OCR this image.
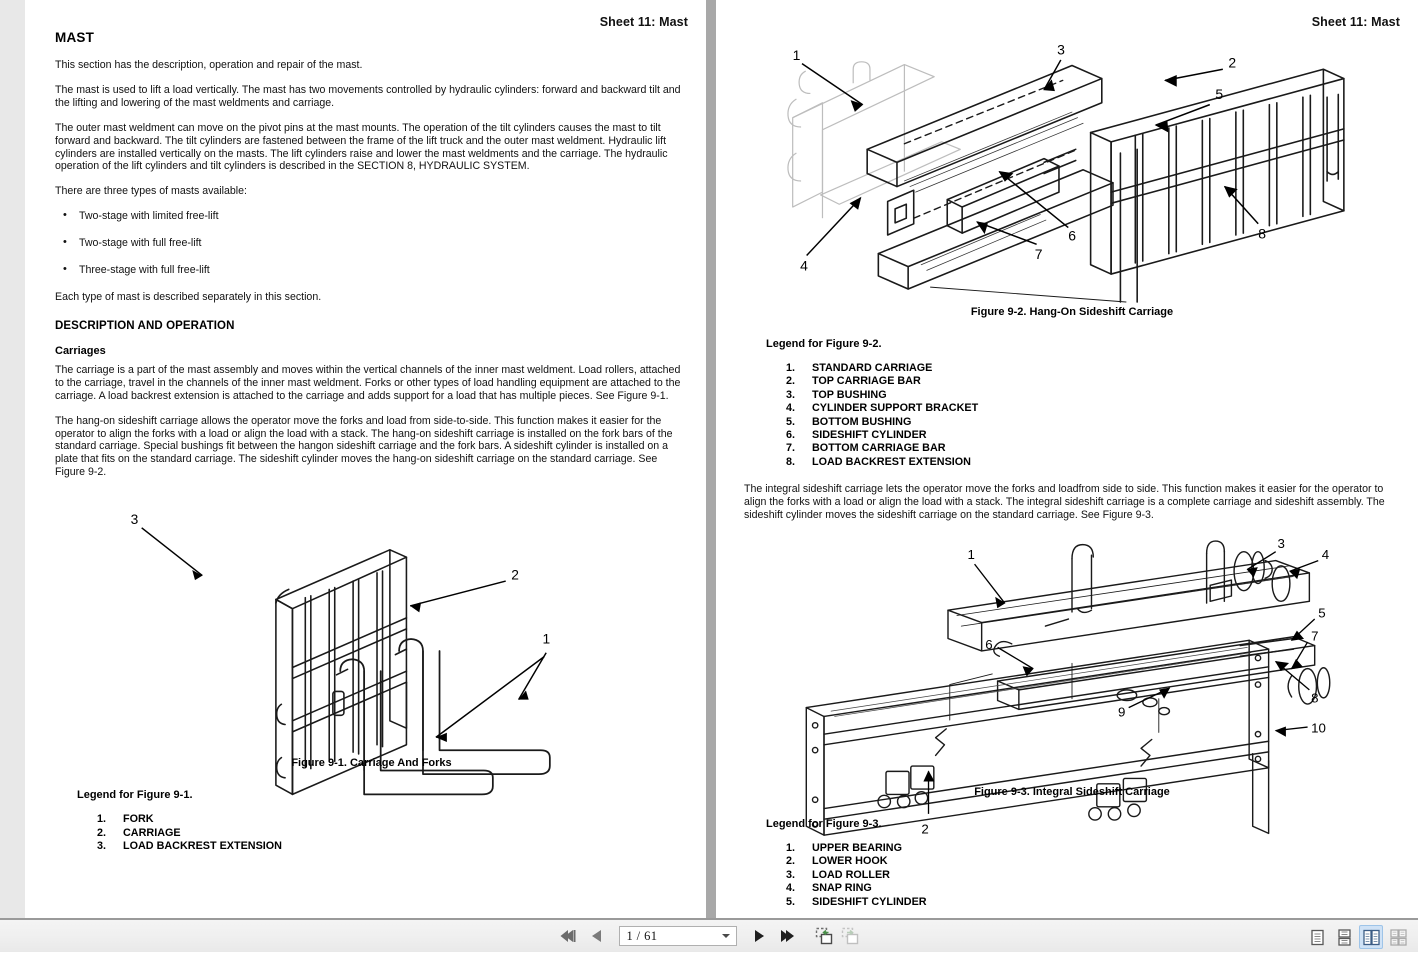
Sheet 11: Mast
MAST

This section has the description, operation and repair of the mast.

The mast is used to lift a load vertically. The mast has two movements controlled by hydraulic cylinders: forward and backward tilt and the lifting and lowering of the mast weldments and carriage.

The outer mast weldment can move on the pivot pins at the mast mounts. The operation of the tilt cylinders causes the mast to tilt forward and backward. The tilt cylinders are fastened between the frame of the lift truck and the outer mast weldment. Hydraulic lift cylinders are installed vertically on the masts. The lift cylinders raise and lower the mast weldments and the carriage. The hydraulic operation of the lift cylinders and tilt cylinders is described in the SECTION 8, HYDRAULIC SYSTEM.

There are three types of masts available:

• Two-stage with limited free-lift
• Two-stage with full free-lift
• Three-stage with full free-lift

Each type of mast is described separately in this section.

DESCRIPTION AND OPERATION
Carriages

The carriage is a part of the mast assembly and moves within the vertical channels of the inner mast weldment. Load rollers, attached to the carriage, travel in the channels of the inner mast weldment. Forks or other types of load handling equipment are attached to the carriage. A load backrest extension is attached to the carriage and adds support for a load that has multiple pieces. See Figure 9-1.

The hang-on sideshift carriage allows the operator move the forks and load from side-to-side. This function makes it easier for the operator to align the forks with a load or align the load with a stack. The hang-on sideshift carriage is installed on the fork bars of the standard carriage. Special bushings fit between the hangon sideshift carriage and the fork bars. A sideshift cylinder is installed on a plate that fits on the standard carriage. The sideshift cylinder moves the hang-on sideshift carriage on the standard carriage. See Figure 9-2.

3
2
1
Figure 9-1. Carriage And Forks
Legend for Figure 9-1.
1.	FORK
2.	CARRIAGE
3.	LOAD BACKREST EXTENSION
Sheet 11: Mast
1	3
2
5
4
6
7
8
Figure 9-2. Hang-On Sideshift Carriage
Legend for Figure 9-2.
1.	STANDARD CARRIAGE
2.	TOP CARRIAGE BAR
3.	TOP BUSHING
4.	CYLINDER SUPPORT BRACKET
5.	BOTTOM BUSHING
6.	SIDESHIFT CYLINDER
7.	BOTTOM CARRIAGE BAR
8.	LOAD BACKREST EXTENSION

The integral sideshift carriage lets the operator move the forks and loadfrom side to side. This function makes it easier for the operator to align the forks with a load or align the load with a stack. The integral sideshift carriage is a complete carriage and sideshift assembly. The sideshift cylinder moves the sideshift carriage on the standard carriage. See Figure 9-3.

1
3
4
5
7
8
6
9
10
2
Figure 9-3. Integral Sideshift Carriage
Legend for Figure 9-3.
1.	UPPER BEARING
2.	LOWER HOOK
3.	LOAD ROLLER
4.	SNAP RING
5.	SIDESHIFT CYLINDER
1 / 61
